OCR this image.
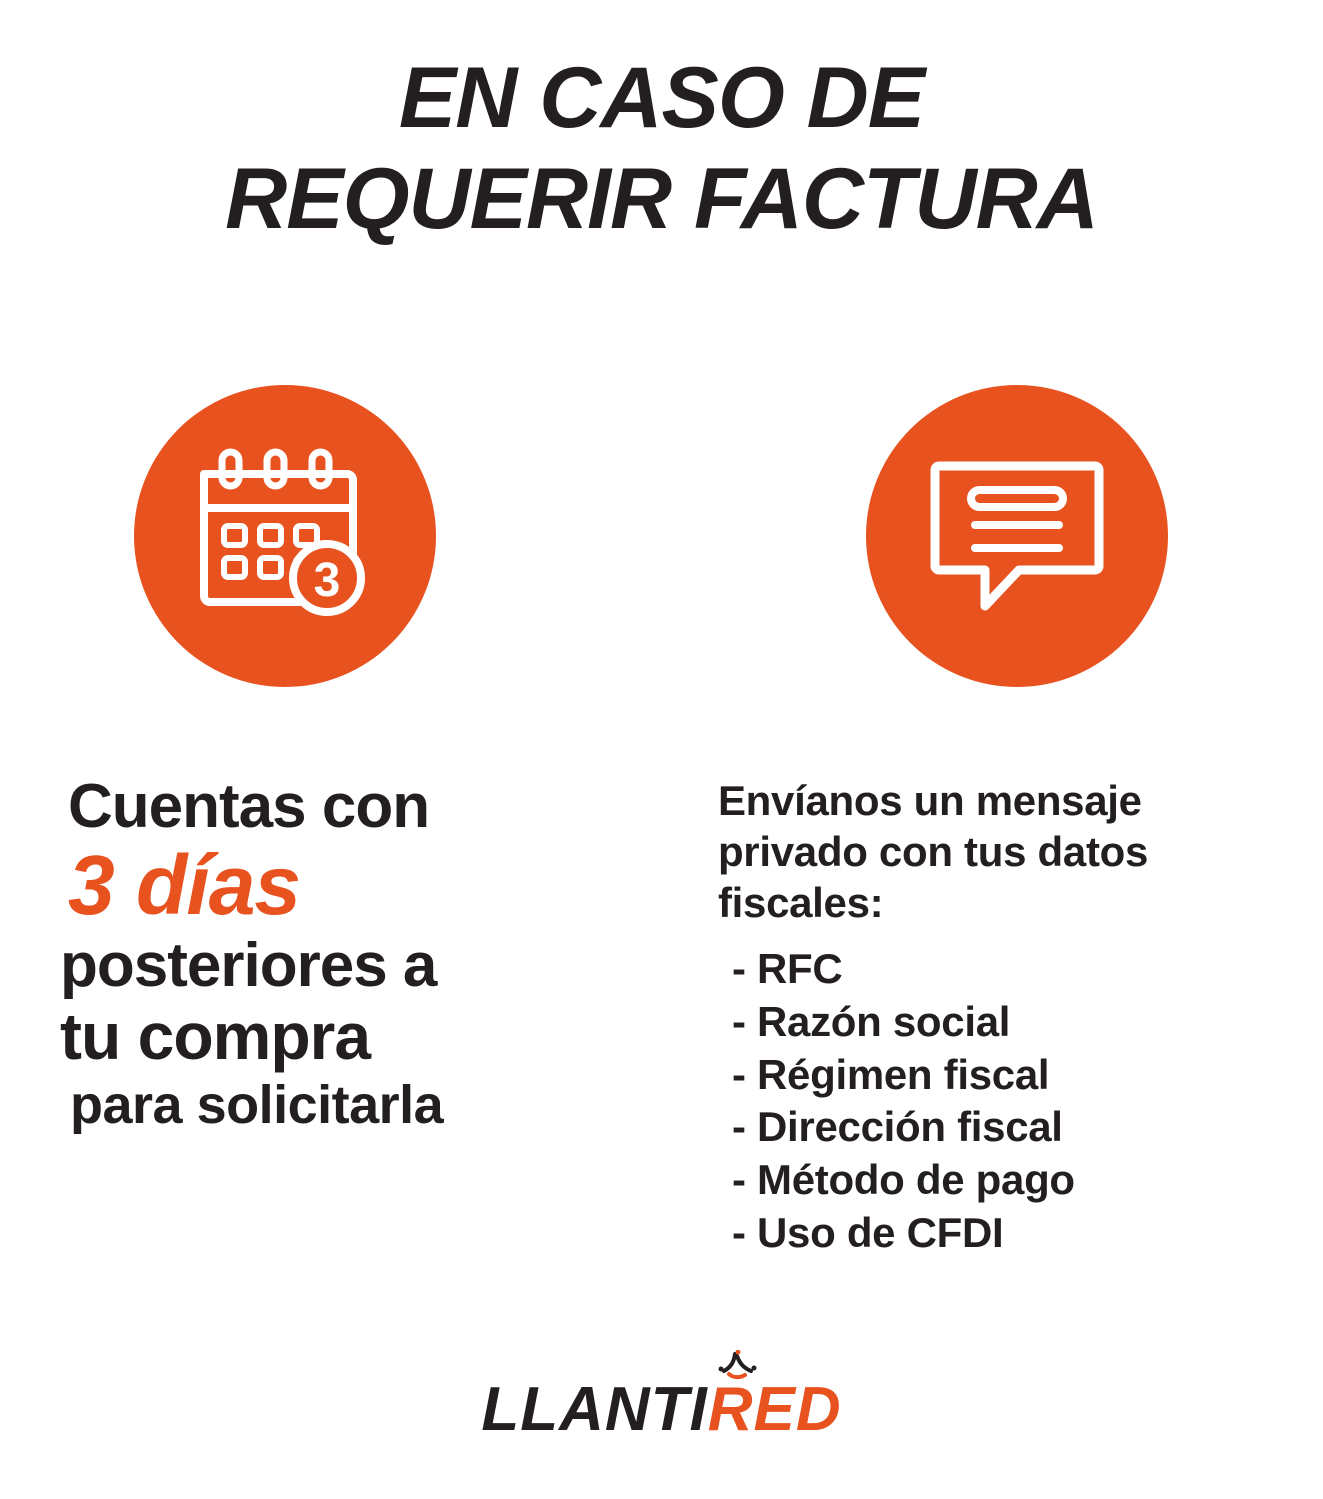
EN CASO DE
REQUERIR FACTURA
3
Cuentas con
3 días
posteriores a
tu compra
para solicitarla
Envíanos un mensaje privado con tus datos fiscales:
- RFC
- Razón social
- Régimen fiscal
- Dirección fiscal
- Método de pago
- Uso de CFDI
LLANTIRED
